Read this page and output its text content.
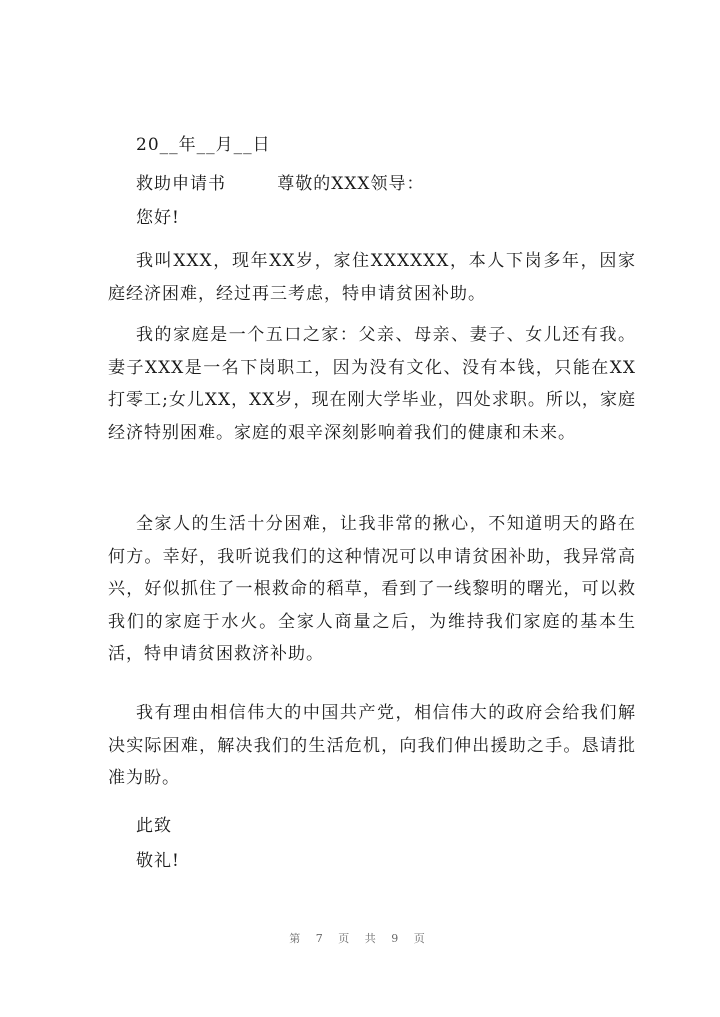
20__年__月__日
救助申请书        尊敬的XXX领导：
您好!

我叫XXX，现年XX岁，家住XXXXXX，本人下岗多年，因家庭经济困难，经过再三考虑，特申请贫困补助。

我的家庭是一个五口之家：父亲、母亲、妻子、女儿还有我。妻子XXX是一名下岗职工，因为没有文化、没有本钱，只能在XX打零工;女儿XX，XX岁，现在刚大学毕业，四处求职。所以，家庭经济特别困难。家庭的艰辛深刻影响着我们的健康和未来。

全家人的生活十分困难，让我非常的揪心，不知道明天的路在何方。幸好，我听说我们的这种情况可以申请贫困补助，我异常高兴，好似抓住了一根救命的稻草，看到了一线黎明的曙光，可以救我们的家庭于水火。全家人商量之后，为维持我们家庭的基本生活，特申请贫困救济补助。

我有理由相信伟大的中国共产党，相信伟大的政府会给我们解决实际困难，解决我们的生活危机，向我们伸出援助之手。恳请批准为盼。

此致
敬礼!
第 7 页 共 9 页
